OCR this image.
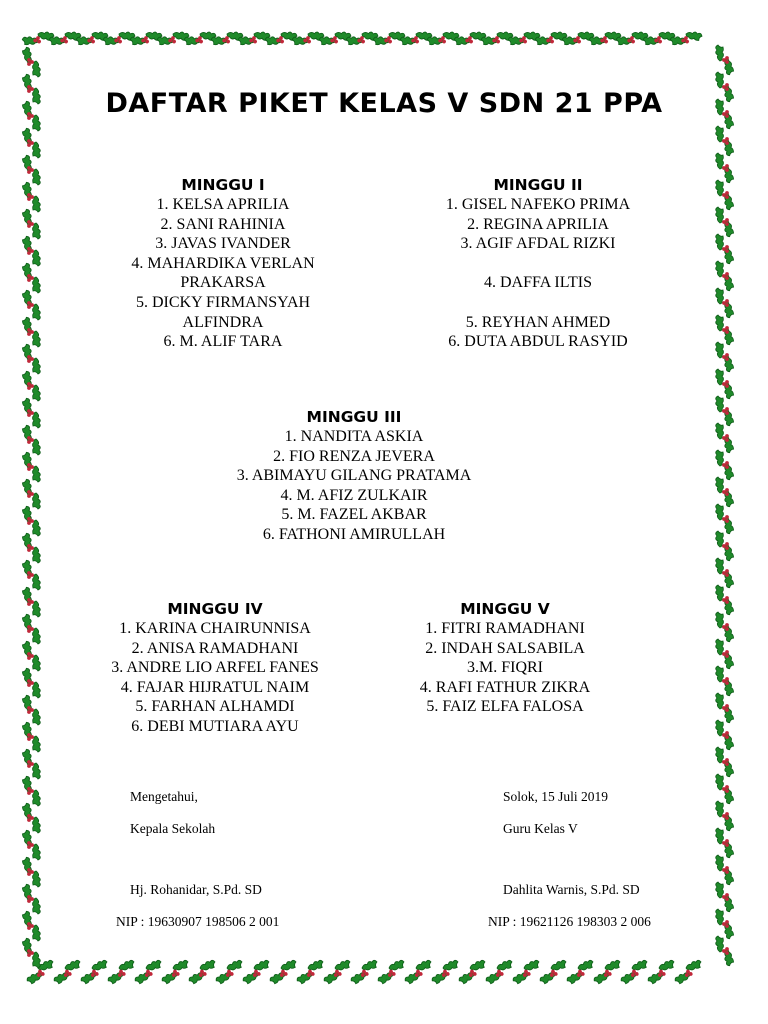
DAFTAR PIKET KELAS V SDN 21 PPA
MINGGU I
1. KELSA APRILIA
2. SANI RAHINIA
3. JAVAS IVANDER
4. MAHARDIKA VERLAN PRAKARSA
5. DICKY FIRMANSYAH ALFINDRA
6. M. ALIF TARA
MINGGU II
1. GISEL NAFEKO PRIMA
2. REGINA APRILIA
3. AGIF AFDAL RIZKI
4. DAFFA ILTIS
5. REYHAN AHMED
6. DUTA ABDUL RASYID
MINGGU III
1. NANDITA ASKIA
2. FIO RENZA JEVERA
3. ABIMAYU GILANG PRATAMA
4. M. AFIZ ZULKAIR
5. M. FAZEL AKBAR
6. FATHONI AMIRULLAH
MINGGU IV
1. KARINA CHAIRUNNISA
2. ANISA RAMADHANI
3. ANDRE LIO ARFEL FANES
4. FAJAR HIJRATUL NAIM
5. FARHAN ALHAMDI
6. DEBI MUTIARA AYU
MINGGU V
1. FITRI RAMADHANI
2. INDAH SALSABILA
3.M. FIQRI
4. RAFI FATHUR ZIKRA
5. FAIZ ELFA FALOSA
Mengetahui,
Kepala Sekolah
Hj. Rohanidar, S.Pd. SD
NIP : 19630907 198506 2 001
Solok, 15 Juli 2019
Guru Kelas V
Dahlita Warnis, S.Pd. SD
NIP : 19621126 198303 2 006
